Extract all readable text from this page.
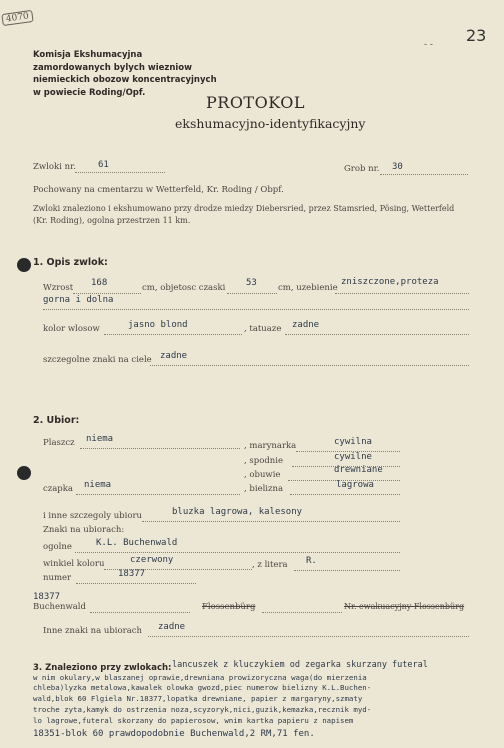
4070
23
- -
Komisja Ekshumacyjna
zamordowanych bylych wiezniow
niemieckich obozow koncentracyjnych
w powiecie Roding/Opf.
PROTOKOL
ekshumacyjno-identyfikacyjny
Zwloki nr. 61	Grob nr. 30
Pochowany na cmentarzu w Wetterfeld, Kr. Roding / Obpf.
Zwloki znaleziono i ekshumowano przy drodze miedzy Diebersried, przez Stamsried, Pösing, Wetterfeld
(Kr. Roding), ogolna przestrzen 11 km.
1. Opis zwlok:
Wzrost 168	cm, objetosc czaski 53 cm, uzebienie
zniszczone,proteza
gorna i dolna
kolor wlosow	jasno blond	, tatuaze zadne
szczegolne znaki na ciele zadne
2. Ubior:
Plaszcz niema
, marynarka	cywilna
, spodnie	cywilne
, obuwie	drewniane
czapka niema	, bielizna	lagrowa
i inne szczegoly ubioru	bluzka lagrowa, kalesony
Znaki na ubiorach:
ogolne	K.L. Buchenwald
winkiel koloru	czerwony	, z litera R.
numer	18377
18377
Buchenwald	Flossenbürg	Nr. ewakuacyjny Flossenbürg
Inne znaki na ubiorach zadne
3. Znaleziono przy zwlokach: lancuszek z kluczykiem od zegarka skurzany futeral
w nim okulary,w blaszanej oprawie,drewniana prowizoryczna waga(do mierzenia
chleba)lyzka metalowa,kawalek olowka gwozd,piec numerow bielizny K.L.Buchen-
wald,blok 60 Flgiela Nr.18377,lopatka drewniane, papier z margaryny,szmaty
troche zyta,kamyk do ostrzenia noza,scyzoryk,nici,guzik,kemazka,recznik myd-
lo lagrowe,futeral skorzany do papierosow, wnim kartka papieru z napisem
18351-blok 60 prawdopodobnie Buchenwald,2 RM,71 fen.
